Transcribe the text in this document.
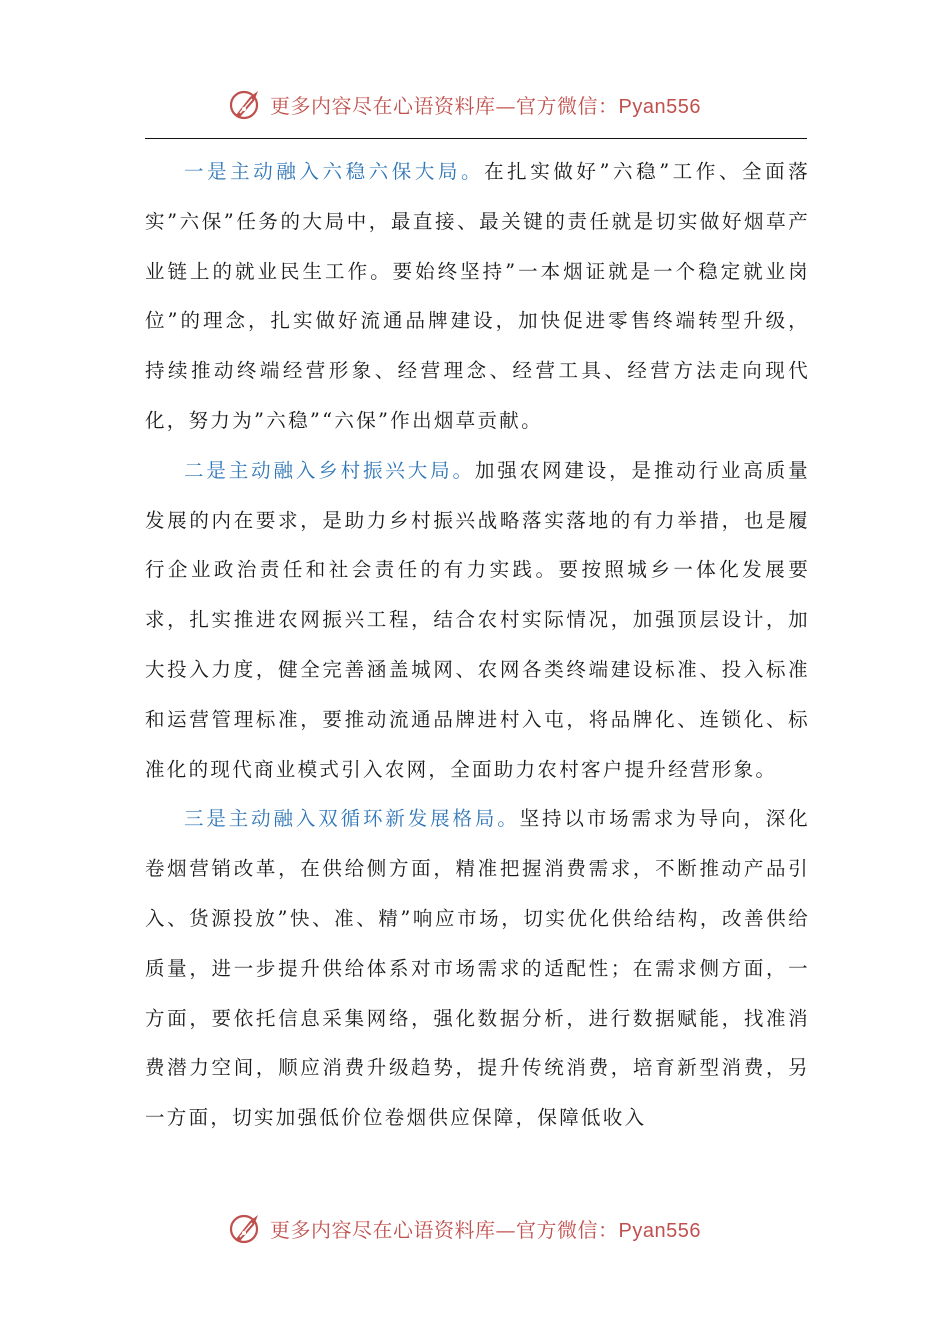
更多内容尽在心语资料库—官方微信：Pyan556

一是主动融入六稳六保大局。在扎实做好”六稳”工作、全面落实”六保”任务的大局中，最直接、最关键的责任就是切实做好烟草产业链上的就业民生工作。要始终坚持”一本烟证就是一个稳定就业岗位”的理念，扎实做好流通品牌建设，加快促进零售终端转型升级，持续推动终端经营形象、经营理念、经营工具、经营方法走向现代化，努力为”六稳”“六保”作出烟草贡献。

二是主动融入乡村振兴大局。加强农网建设，是推动行业高质量发展的内在要求，是助力乡村振兴战略落实落地的有力举措，也是履行企业政治责任和社会责任的有力实践。要按照城乡一体化发展要求，扎实推进农网振兴工程，结合农村实际情况，加强顶层设计，加大投入力度，健全完善涵盖城网、农网各类终端建设标准、投入标准和运营管理标准，要推动流通品牌进村入屯，将品牌化、连锁化、标准化的现代商业模式引入农网，全面助力农村客户提升经营形象。

三是主动融入双循环新发展格局。坚持以市场需求为导向，深化卷烟营销改革，在供给侧方面，精准把握消费需求，不断推动产品引入、货源投放”快、准、精”响应市场，切实优化供给结构，改善供给质量，进一步提升供给体系对市场需求的适配性；在需求侧方面，一方面，要依托信息采集网络，强化数据分析，进行数据赋能，找准消费潜力空间，顺应消费升级趋势，提升传统消费，培育新型消费，另一方面，切实加强低价位卷烟供应保障，保障低收入

更多内容尽在心语资料库—官方微信：Pyan556
